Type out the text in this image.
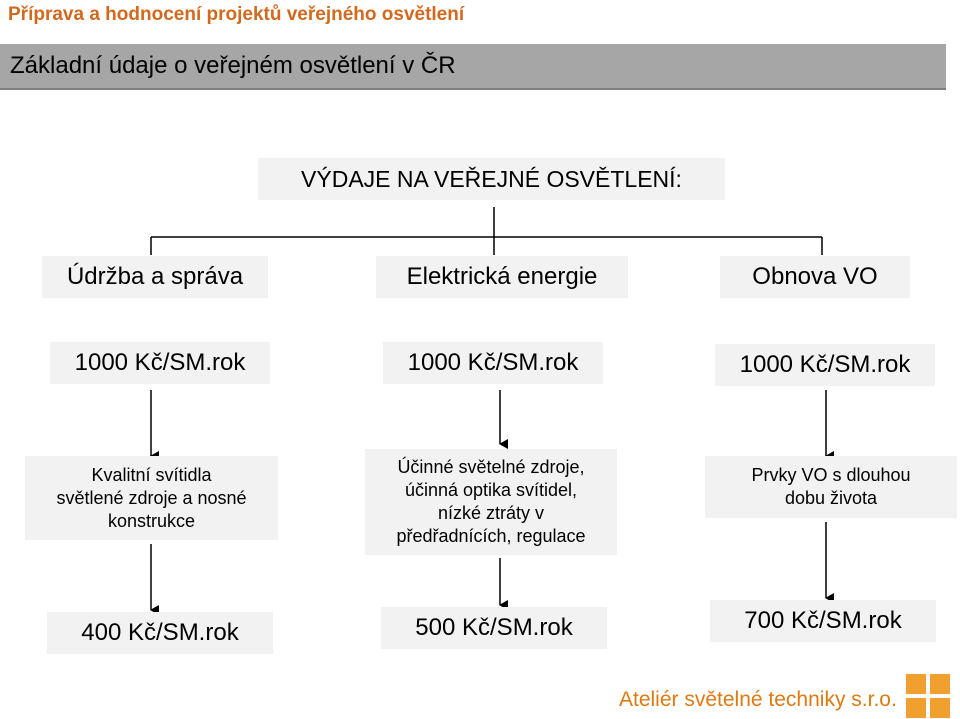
Příprava a hodnocení projektů veřejného osvětlení
Základní údaje o veřejném osvětlení v ČR
VÝDAJE NA VEŘEJNÉ OSVĚTLENÍ:
Údržba a správa	Elektrická energie	Obnova VO
1000 Kč/SM.rok	1000 Kč/SM.rok	1000 Kč/SM.rok
Kvalitní svítidla
světlené zdroje a nosné
konstrukce
Účinné světelné zdroje,
účinná optika svítidel,
nízké ztráty v
předřadnících, regulace
Prvky VO s dlouhou
dobu života
400 Kč/SM.rok	500 Kč/SM.rok	700 Kč/SM.rok
Ateliér světelné techniky s.r.o.
